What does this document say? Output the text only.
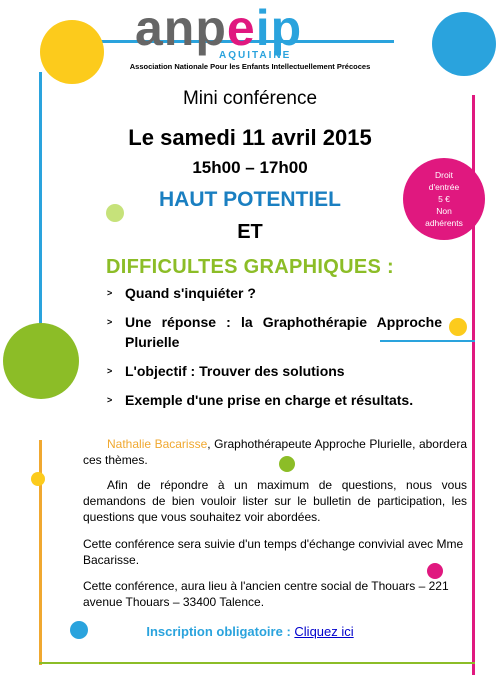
anpeip
AQUITAINE
Association Nationale Pour les Enfants Intellectuellement Précoces
Mini conférence
Le samedi 11 avril 2015
15h00 – 17h00
HAUT POTENTIEL
ET
DIFFICULTES GRAPHIQUES :
Droit
d'entrée
5 €
Non
adhérents
> Quand s'inquiéter ?
> Une réponse : la Graphothérapie Approche Plurielle
> L'objectif : Trouver des solutions
> Exemple d'une prise en charge et résultats.
Nathalie Bacarisse, Graphothérapeute Approche Plurielle, abordera ces thèmes.
Afin de répondre à un maximum de questions, nous vous demandons de bien vouloir lister sur le bulletin de participation, les questions que vous souhaitez voir abordées.
Cette conférence sera suivie d'un temps d'échange convivial avec Mme Bacarisse.
Cette conférence, aura lieu à l'ancien centre social de Thouars – 221 avenue Thouars – 33400 Talence.
Inscription obligatoire : Cliquez ici
